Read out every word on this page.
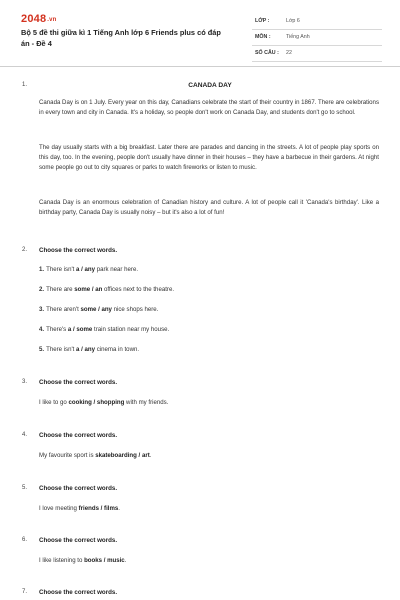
2048.vn
Bộ 5 đề thi giữa kì 1 Tiếng Anh lớp 6 Friends plus có đáp án - Đề 4
LỚP :	Lớp 6
MÔN :	Tiếng Anh
SỐ CÂU : 22
1.	CANADA DAY

Canada Day is on 1 July. Every year on this day, Canadians celebrate the start of their country in 1867. There are celebrations in every town and city in Canada. It's a holiday, so people don't work on Canada Day, and students don't go to school.

The day usually starts with a big breakfast. Later there are parades and dancing in the streets. A lot of people play sports on this day, too. In the evening, people don't usually have dinner in their houses – they have a barbecue in their gardens. At night some people go out to city squares or parks to watch fireworks or listen to music.

Canada Day is an enormous celebration of Canadian history and culture. A lot of people call it 'Canada's birthday'. Like a birthday party, Canada Day is usually noisy – but it's also a lot of fun!

2. Choose the correct words.
1. There isn't a / any park near here.
2. There are some / an offices next to the theatre.
3. There aren't some / any nice shops here.
4. There's a / some train station near my house.
5. There isn't a / any cinema in town.
3. Choose the correct words.
I like to go cooking / shopping with my friends.
4. Choose the correct words.
My favourite sport is skateboarding / art.
5. Choose the correct words.
I love meeting friends / films.
6. Choose the correct words.
I like listening to books / music.
7. Choose the correct words.
